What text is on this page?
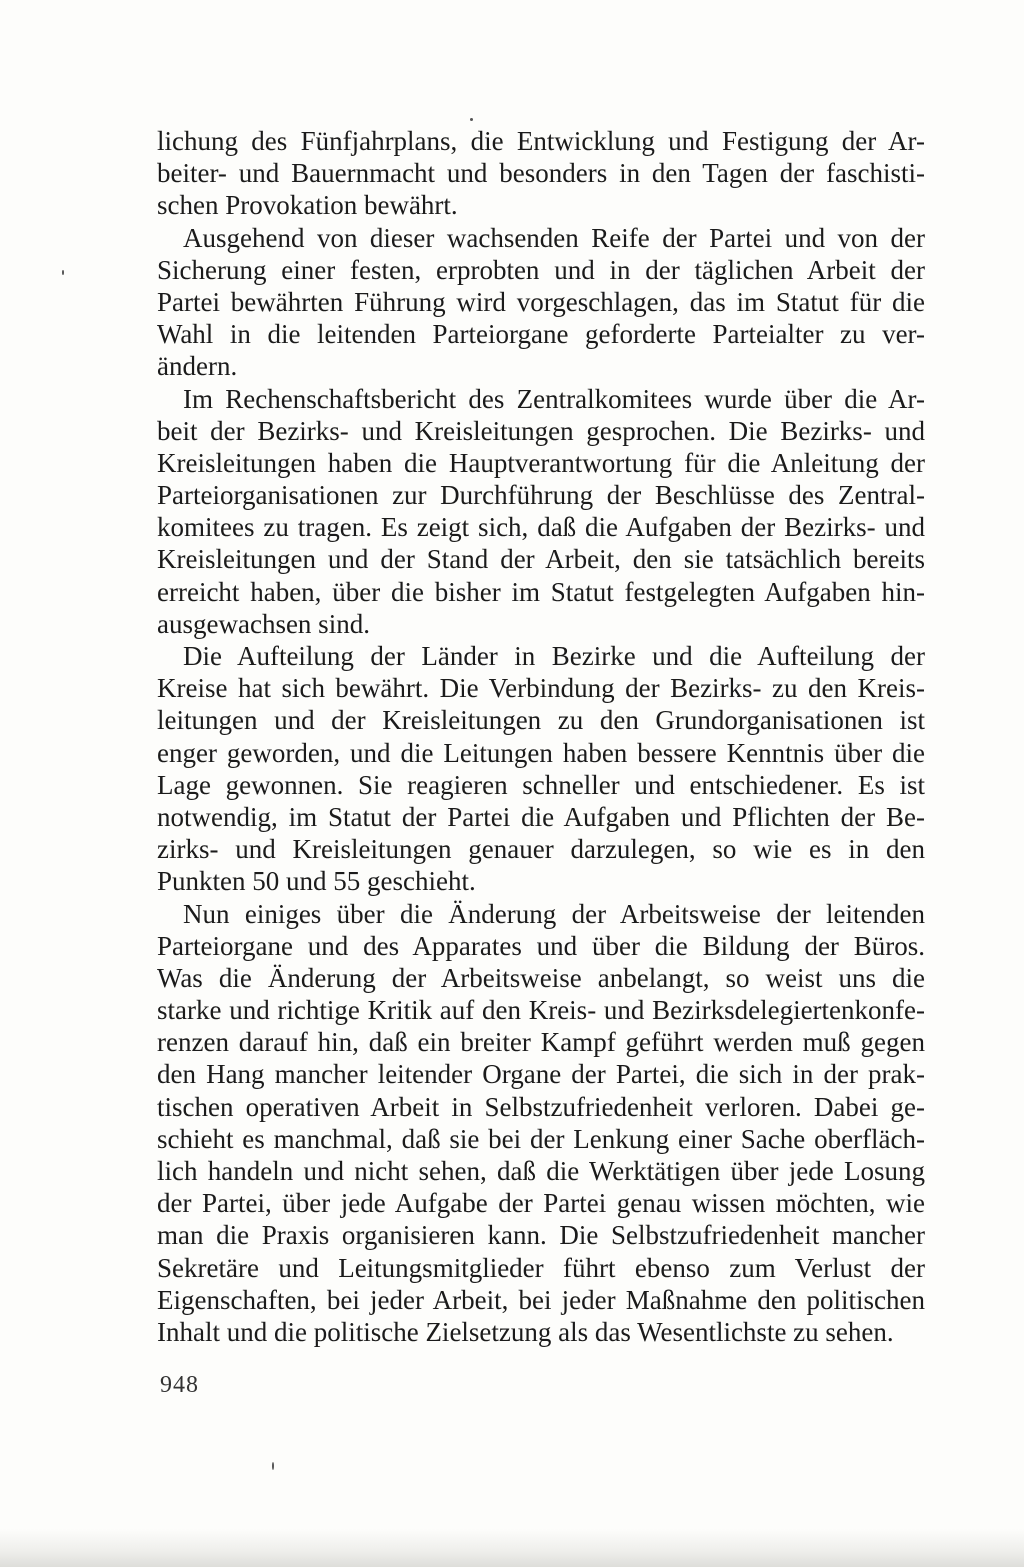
lichung des Fünfjahrplans, die Entwicklung und Festigung der Ar-
beiter- und Bauernmacht und besonders in den Tagen der faschisti-
schen Provokation bewährt.
Ausgehend von dieser wachsenden Reife der Partei und von der
Sicherung einer festen, erprobten und in der täglichen Arbeit der
Partei bewährten Führung wird vorgeschlagen, das im Statut für die
Wahl in die leitenden Parteiorgane geforderte Parteialter zu ver-
ändern.
Im Rechenschaftsbericht des Zentralkomitees wurde über die Ar-
beit der Bezirks- und Kreisleitungen gesprochen. Die Bezirks- und
Kreisleitungen haben die Hauptverantwortung für die Anleitung der
Parteiorganisationen zur Durchführung der Beschlüsse des Zentral-
komitees zu tragen. Es zeigt sich, daß die Aufgaben der Bezirks- und
Kreisleitungen und der Stand der Arbeit, den sie tatsächlich bereits
erreicht haben, über die bisher im Statut festgelegten Aufgaben hin-
ausgewachsen sind.
Die Aufteilung der Länder in Bezirke und die Aufteilung der
Kreise hat sich bewährt. Die Verbindung der Bezirks- zu den Kreis-
leitungen und der Kreisleitungen zu den Grundorganisationen ist
enger geworden, und die Leitungen haben bessere Kenntnis über die
Lage gewonnen. Sie reagieren schneller und entschiedener. Es ist
notwendig, im Statut der Partei die Aufgaben und Pflichten der Be-
zirks- und Kreisleitungen genauer darzulegen, so wie es in den
Punkten 50 und 55 geschieht.
Nun einiges über die Änderung der Arbeitsweise der leitenden
Parteiorgane und des Apparates und über die Bildung der Büros.
Was die Änderung der Arbeitsweise anbelangt, so weist uns die
starke und richtige Kritik auf den Kreis- und Bezirksdelegiertenkonfe-
renzen darauf hin, daß ein breiter Kampf geführt werden muß gegen
den Hang mancher leitender Organe der Partei, die sich in der prak-
tischen operativen Arbeit in Selbstzufriedenheit verloren. Dabei ge-
schieht es manchmal, daß sie bei der Lenkung einer Sache oberfläch-
lich handeln und nicht sehen, daß die Werktätigen über jede Losung
der Partei, über jede Aufgabe der Partei genau wissen möchten, wie
man die Praxis organisieren kann. Die Selbstzufriedenheit mancher
Sekretäre und Leitungsmitglieder führt ebenso zum Verlust der
Eigenschaften, bei jeder Arbeit, bei jeder Maßnahme den politischen
Inhalt und die politische Zielsetzung als das Wesentlichste zu sehen.
948
